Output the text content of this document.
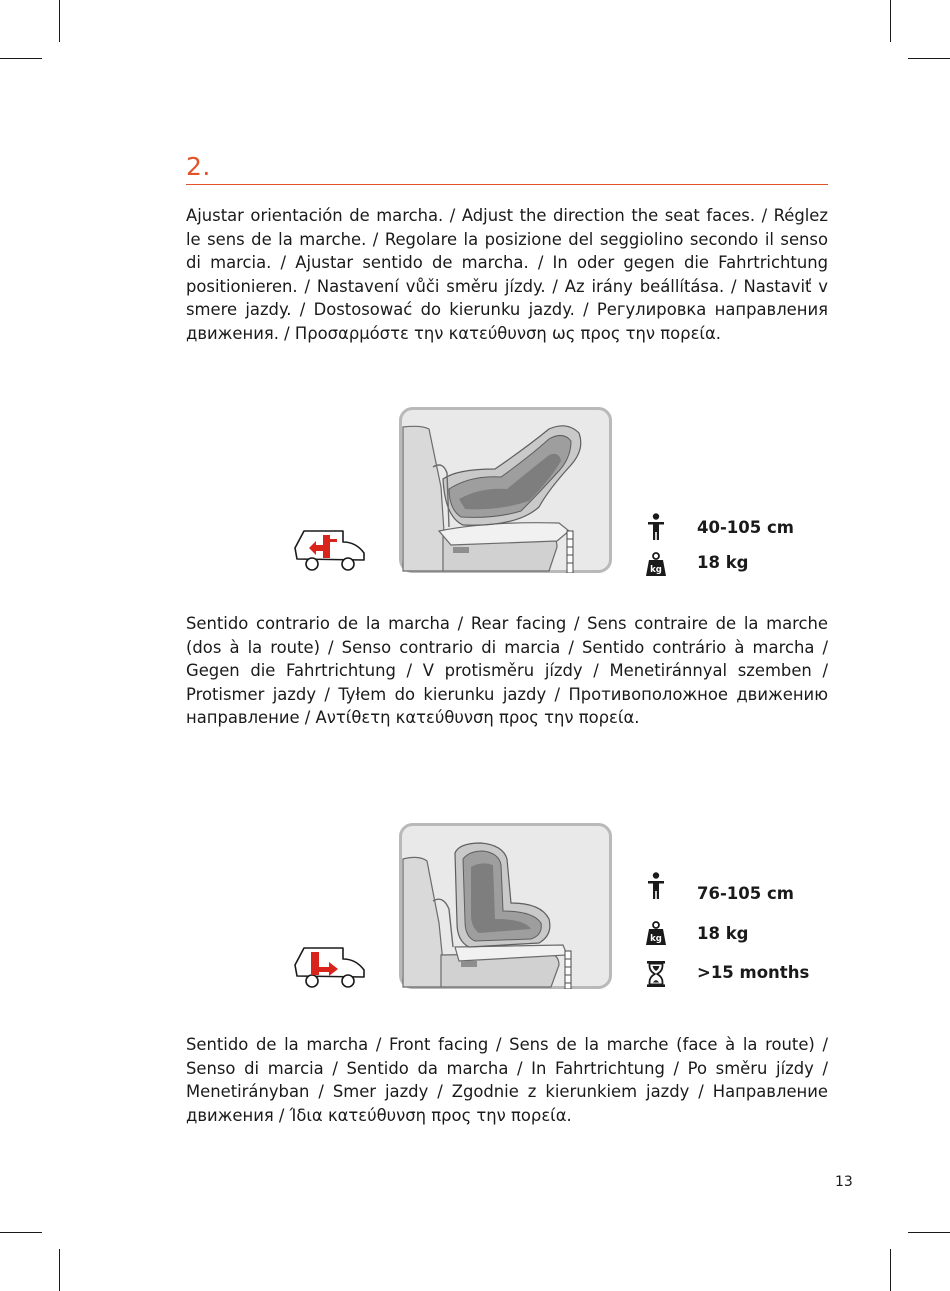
2.
Ajustar orientación de marcha. / Adjust the direction the seat faces. / Réglez le sens de la marche. / Regolare la posizione del seggiolino secondo il senso di marcia. / Ajustar sentido de marcha. / In oder gegen die Fahrtrichtung positionieren. / Nastavení vůči směru jízdy. / Az irány beállítása. / Nastaviť v smere jazdy. / Dostosować do kierunku jazdy. / Регулировка направления движения. / Προσαρμόστε την κατεύθυνση ως προς την πορεία.
40-105 cm
kg 18 kg
Sentido contrario de la marcha / Rear facing / Sens contraire de la marche (dos à la route) / Senso contrario di marcia / Sentido contrário à marcha / Gegen die Fahrtrichtung / V protisměru jízdy / Menetiránnyal szemben / Protismer jazdy / Tyłem do kierunku jazdy / Противоположное движению направление / Αντίθετη κατεύθυνση προς την πορεία.
76-105 cm
kg 18 kg
>15 months
Sentido de la marcha / Front facing / Sens de la marche (face à la route) / Senso di marcia / Sentido da marcha / In Fahrtrichtung / Po směru jízdy / Menetirányban / Smer jazdy / Zgodnie z kierunkiem jazdy / Направление движения / Ίδια κατεύθυνση προς την πορεία.
13
